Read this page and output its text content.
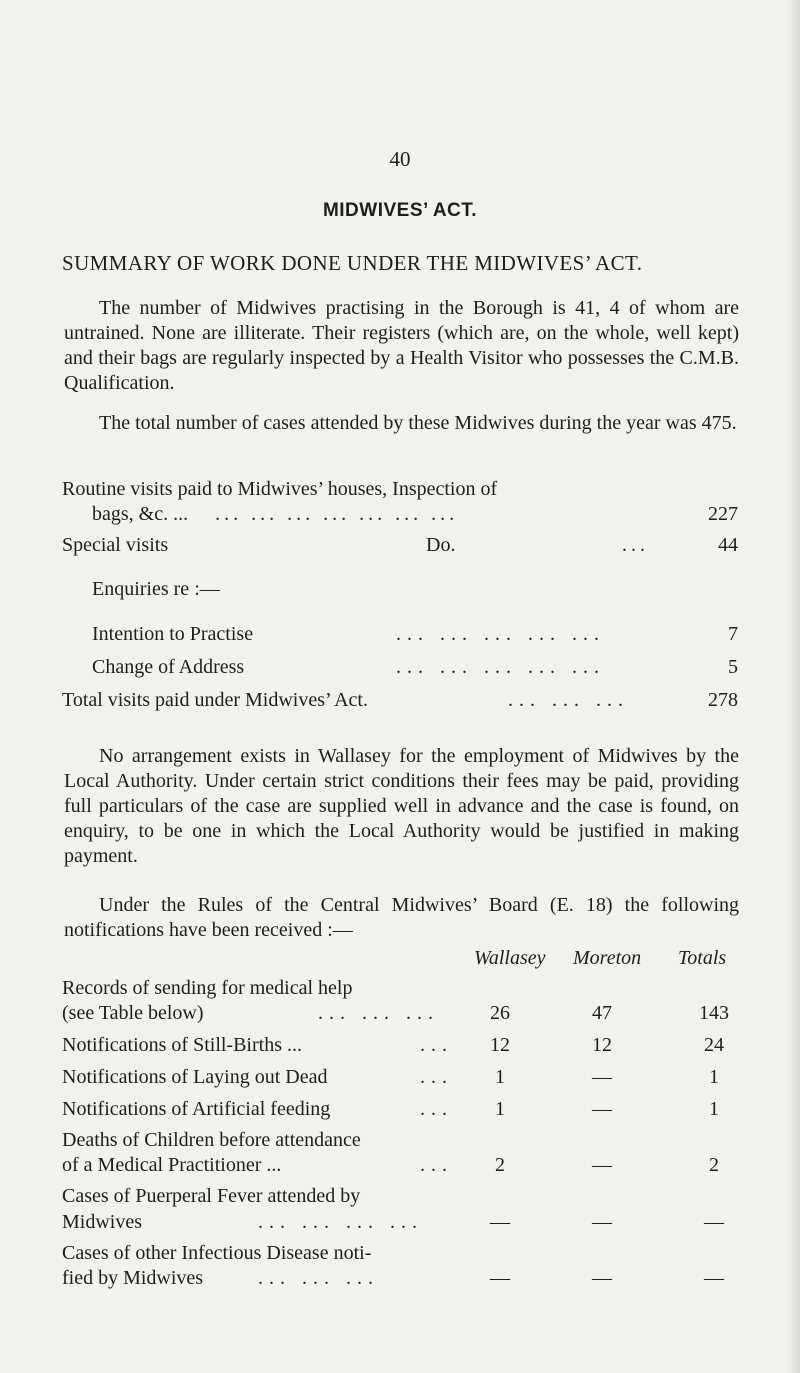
40
MIDWIVES’ ACT.
SUMMARY OF WORK DONE UNDER THE MIDWIVES’ ACT.

The number of Midwives practising in the Borough is 41, 4 of whom are untrained. None are illiterate. Their registers (which are, on the whole, well kept) and their bags are regularly inspected by a Health Visitor who possesses the C.M.B. Qualification.

The total number of cases attended by these Midwives during the year was 475.

Routine visits paid to Midwives’ houses, Inspection of
bags, &c. ... ... ... ... ... ... ... ...	227
Special visits	Do.	...	44
Enquiries re :—
Intention to Practise	... ... ... ... ...	7
Change of Address	... ... ... ... ...	5
Total visits paid under Midwives’ Act.	... ... ...	278

No arrangement exists in Wallasey for the employment of Midwives by the Local Authority. Under certain strict conditions their fees may be paid, providing full particulars of the case are supplied well in advance and the case is found, on enquiry, to be one in which the Local Authority would be justified in making payment.

Under the Rules of the Central Midwives’ Board (E. 18) the following notifications have been received :—

Wallasey Moreton Totals
Records of sending for medical help
(see Table below)	... ... ...	26	47	143
Notifications of Still-Births ...	...	12	12	24
Notifications of Laying out Dead	...	1	—	1
Notifications of Artificial feeding	...	1	—	1
Deaths of Children before attendance
of a Medical Practitioner ...	...	2	—	2
Cases of Puerperal Fever attended by
Midwives	... ... ... ...	—	—	—
Cases of other Infectious Disease noti-
fied by Midwives	... ... ...	—	—	—
